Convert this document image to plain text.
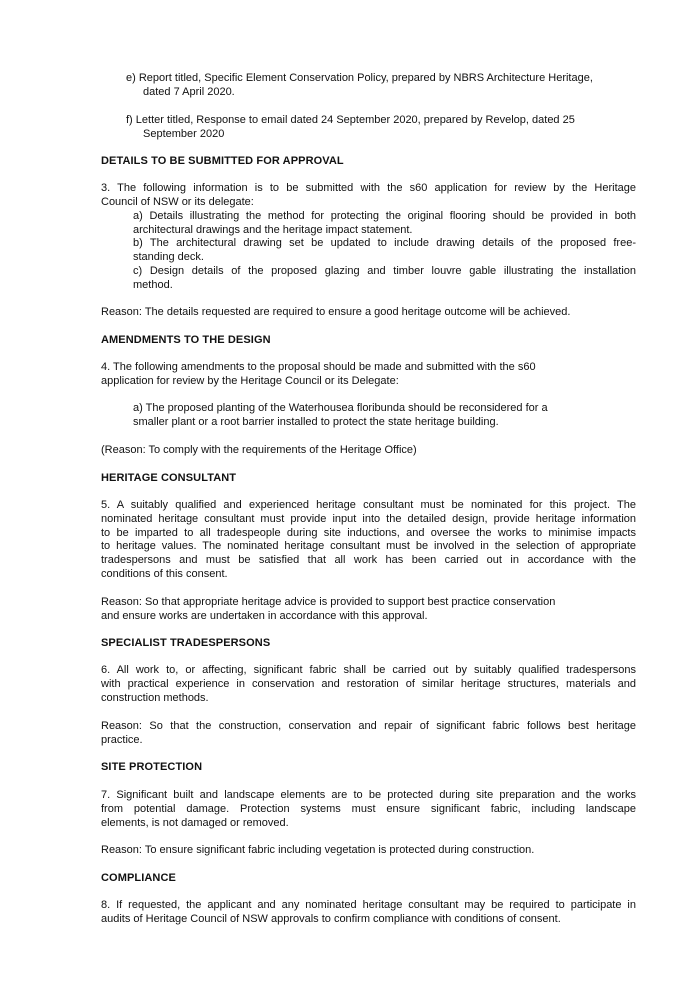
e) Report titled, Specific Element Conservation Policy, prepared by NBRS Architecture Heritage,
dated 7 April 2020.
f) Letter titled, Response to email dated 24 September 2020, prepared by Revelop, dated 25
September 2020
DETAILS TO BE SUBMITTED FOR APPROVAL
3. The following information is to be submitted with the s60 application for review by the Heritage
Council of NSW or its delegate:
a) Details illustrating the method for protecting the original flooring should be provided in both
architectural drawings and the heritage impact statement.
b) The architectural drawing set be updated to include drawing details of the proposed free-
standing deck.
c) Design details of the proposed glazing and timber louvre gable illustrating the installation
method.
Reason: The details requested are required to ensure a good heritage outcome will be achieved.
AMENDMENTS TO THE DESIGN
4. The following amendments to the proposal should be made and submitted with the s60
application for review by the Heritage Council or its Delegate:
a) The proposed planting of the Waterhousea floribunda should be reconsidered for a
smaller plant or a root barrier installed to protect the state heritage building.
(Reason: To comply with the requirements of the Heritage Office)
HERITAGE CONSULTANT
5. A suitably qualified and experienced heritage consultant must be nominated for this project. The
nominated heritage consultant must provide input into the detailed design, provide heritage information
to be imparted to all tradespeople during site inductions, and oversee the works to minimise impacts
to heritage values. The nominated heritage consultant must be involved in the selection of appropriate
tradespersons and must be satisfied that all work has been carried out in accordance with the
conditions of this consent.
Reason: So that appropriate heritage advice is provided to support best practice conservation
and ensure works are undertaken in accordance with this approval.
SPECIALIST TRADESPERSONS
6. All work to, or affecting, significant fabric shall be carried out by suitably qualified tradespersons
with practical experience in conservation and restoration of similar heritage structures, materials and
construction methods.
Reason: So that the construction, conservation and repair of significant fabric follows best heritage
practice.
SITE PROTECTION
7. Significant built and landscape elements are to be protected during site preparation and the works
from potential damage. Protection systems must ensure significant fabric, including landscape
elements, is not damaged or removed.
Reason: To ensure significant fabric including vegetation is protected during construction.
COMPLIANCE
8. If requested, the applicant and any nominated heritage consultant may be required to participate in
audits of Heritage Council of NSW approvals to confirm compliance with conditions of consent.
